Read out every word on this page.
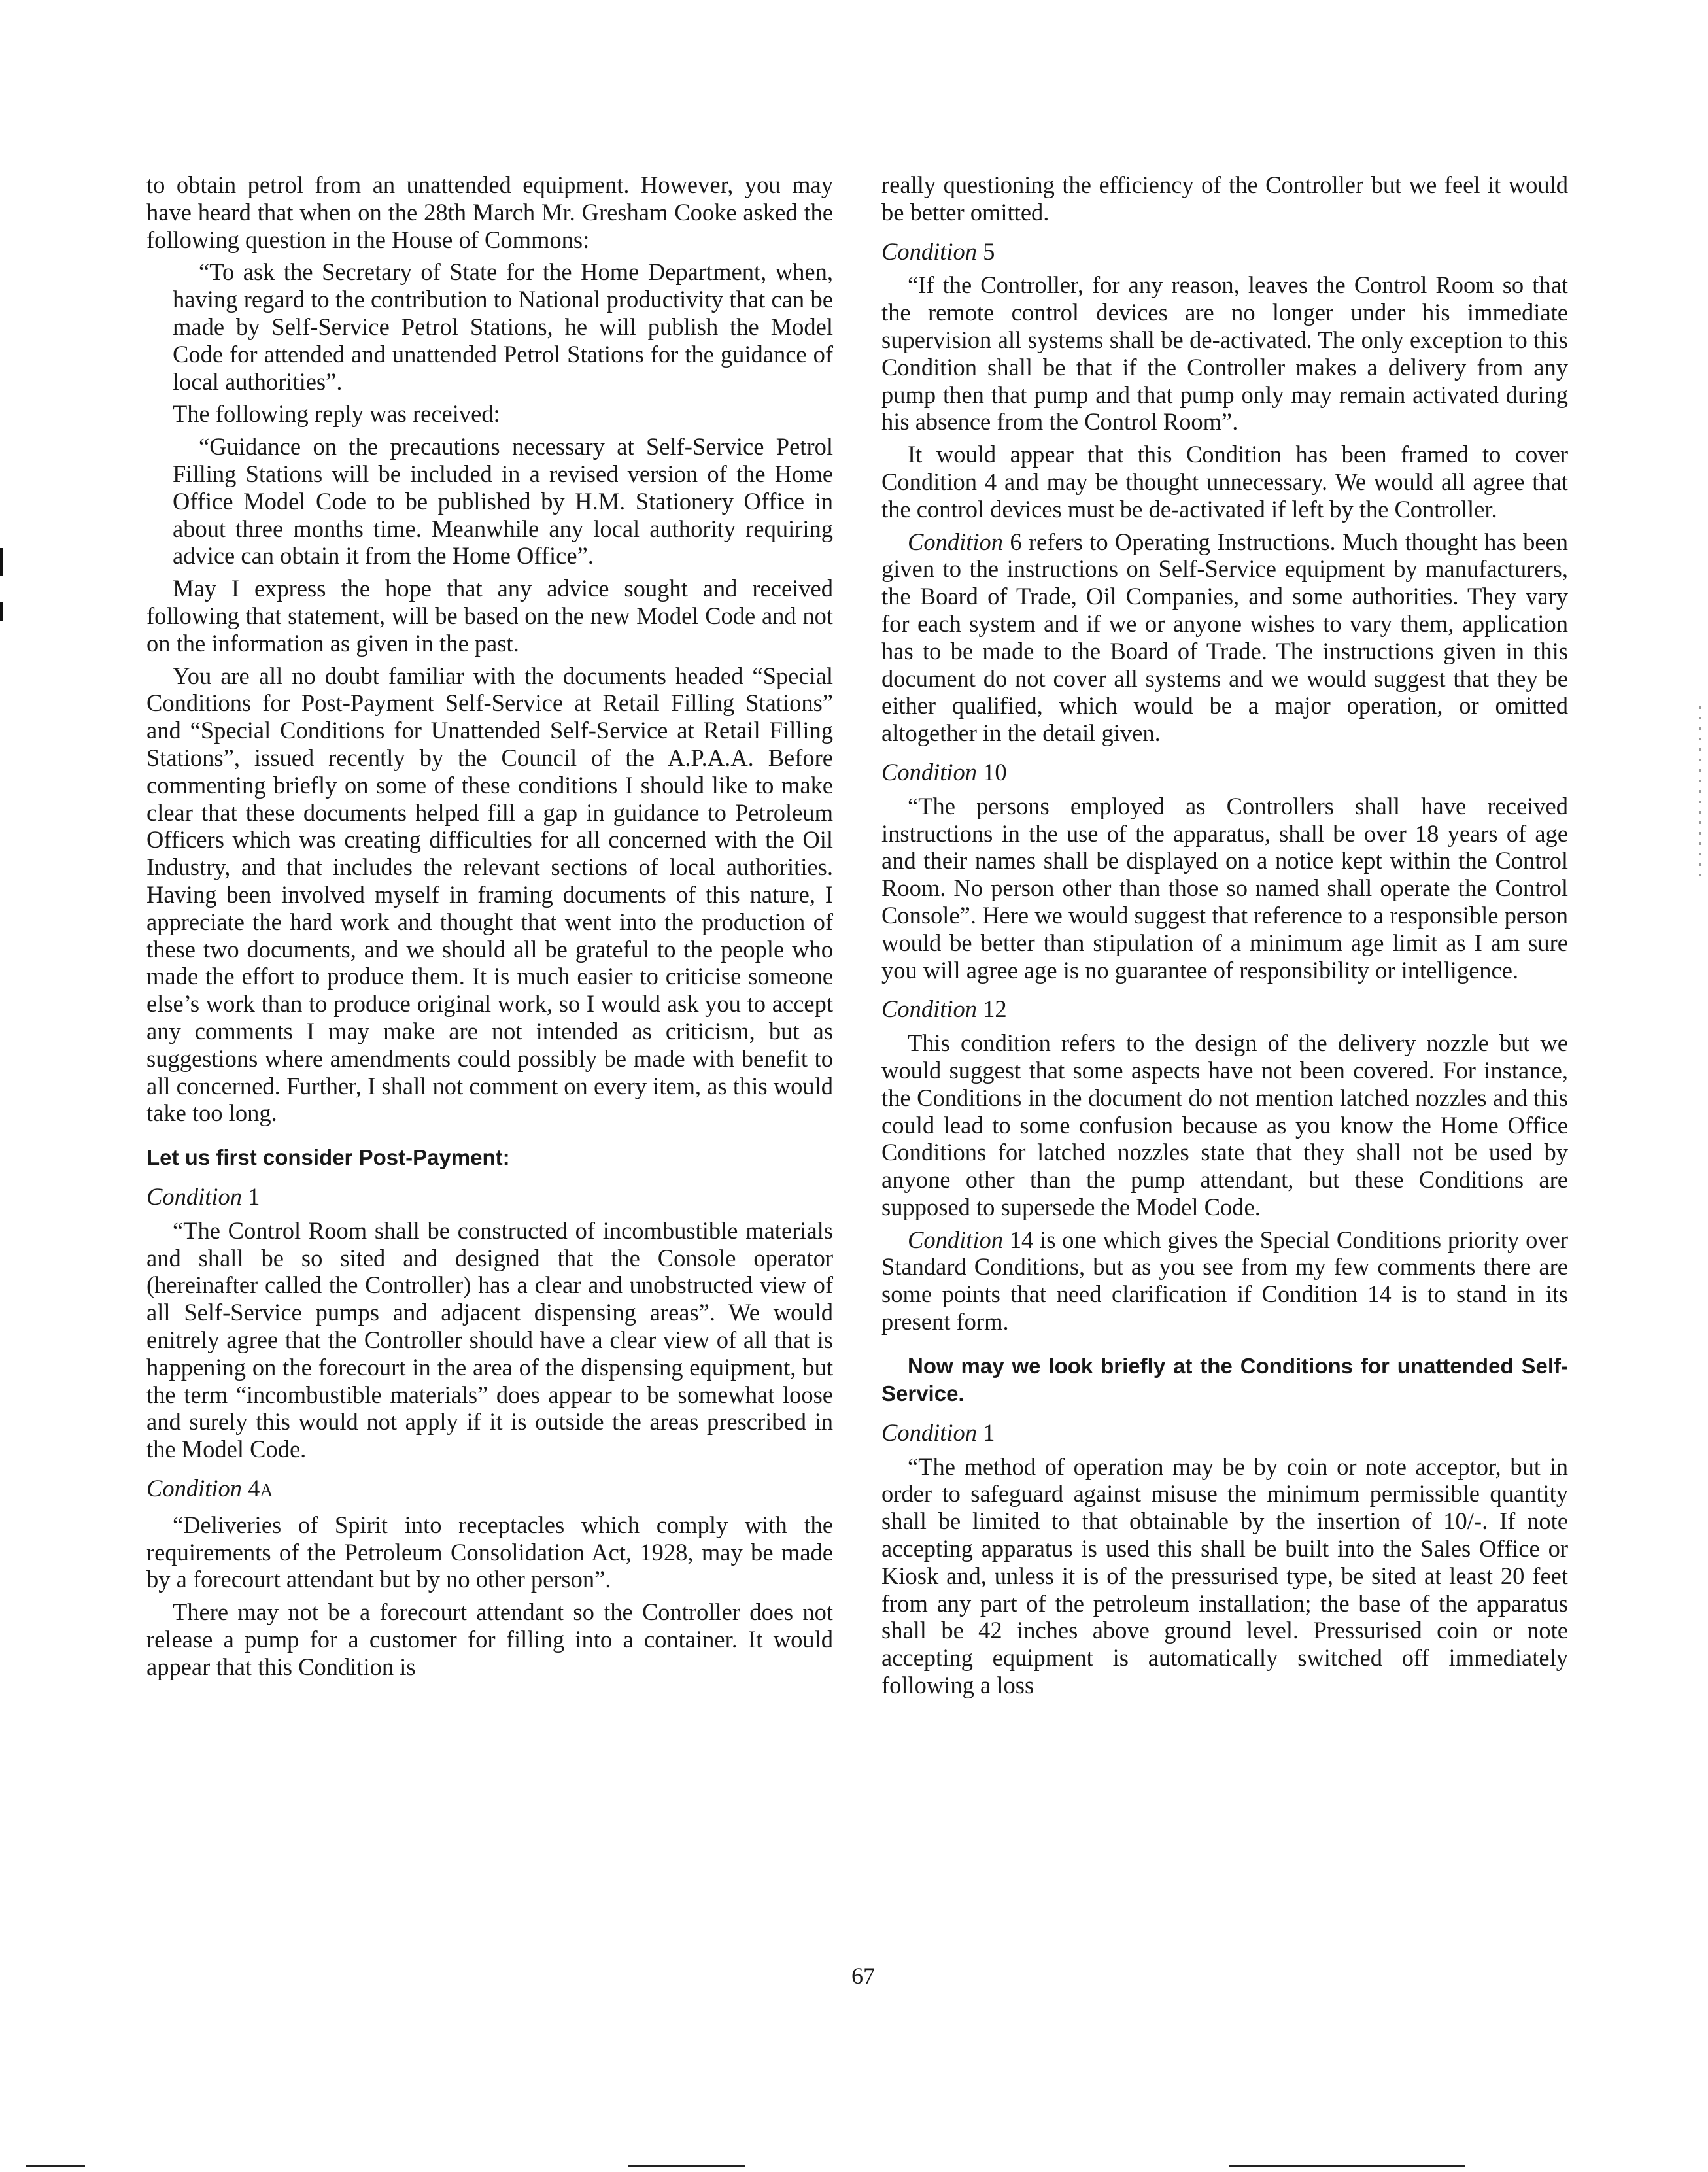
to obtain petrol from an unattended equipment. However, you may have heard that when on the 28th March Mr. Gresham Cooke asked the following question in the House of Commons:

“To ask the Secretary of State for the Home Department, when, having regard to the contribution to National productivity that can be made by Self-Service Petrol Stations, he will publish the Model Code for attended and unattended Petrol Stations for the guidance of local authorities”.

The following reply was received:

“Guidance on the precautions necessary at Self-Service Petrol Filling Stations will be included in a revised version of the Home Office Model Code to be published by H.M. Stationery Office in about three months time. Meanwhile any local authority requiring advice can obtain it from the Home Office”.

May I express the hope that any advice sought and received following that statement, will be based on the new Model Code and not on the information as given in the past.

You are all no doubt familiar with the documents headed “Special Conditions for Post-Payment Self-Service at Retail Filling Stations” and “Special Conditions for Unattended Self-Service at Retail Filling Stations”, issued recently by the Council of the A.P.A.A. Before commenting briefly on some of these conditions I should like to make clear that these documents helped fill a gap in guidance to Petroleum Officers which was creating difficulties for all concerned with the Oil Industry, and that includes the relevant sections of local authorities. Having been involved myself in framing documents of this nature, I appreciate the hard work and thought that went into the production of these two documents, and we should all be grateful to the people who made the effort to produce them. It is much easier to criticise someone else’s work than to produce original work, so I would ask you to accept any comments I may make are not intended as criticism, but as suggestions where amendments could possibly be made with benefit to all concerned. Further, I shall not comment on every item, as this would take too long.

Let us first consider Post-Payment:

Condition 1

“The Control Room shall be constructed of incombustible materials and shall be so sited and designed that the Console operator (hereinafter called the Controller) has a clear and unobstructed view of all Self-Service pumps and adjacent dispensing areas”. We would enitrely agree that the Controller should have a clear view of all that is happening on the forecourt in the area of the dispensing equipment, but the term “incombustible materials” does appear to be somewhat loose and surely this would not apply if it is outside the areas prescribed in the Model Code.

Condition 4A

“Deliveries of Spirit into receptacles which comply with the requirements of the Petroleum Consolidation Act, 1928, may be made by a forecourt attendant but by no other person”.

There may not be a forecourt attendant so the Controller does not release a pump for a customer for filling into a container. It would appear that this Condition is

really questioning the efficiency of the Controller but we feel it would be better omitted.

Condition 5

“If the Controller, for any reason, leaves the Control Room so that the remote control devices are no longer under his immediate supervision all systems shall be de-activated. The only exception to this Condition shall be that if the Controller makes a delivery from any pump then that pump and that pump only may remain activated during his absence from the Control Room”.

It would appear that this Condition has been framed to cover Condition 4 and may be thought unnecessary. We would all agree that the control devices must be de-activated if left by the Controller.

Condition 6 refers to Operating Instructions. Much thought has been given to the instructions on Self-Service equipment by manufacturers, the Board of Trade, Oil Companies, and some authorities. They vary for each system and if we or anyone wishes to vary them, application has to be made to the Board of Trade. The instructions given in this document do not cover all systems and we would suggest that they be either qualified, which would be a major operation, or omitted altogether in the detail given.

Condition 10

“The persons employed as Controllers shall have received instructions in the use of the apparatus, shall be over 18 years of age and their names shall be displayed on a notice kept within the Control Room. No person other than those so named shall operate the Control Console”. Here we would suggest that reference to a responsible person would be better than stipulation of a minimum age limit as I am sure you will agree age is no guarantee of responsibility or intelligence.

Condition 12

This condition refers to the design of the delivery nozzle but we would suggest that some aspects have not been covered. For instance, the Conditions in the document do not mention latched nozzles and this could lead to some confusion because as you know the Home Office Conditions for latched nozzles state that they shall not be used by anyone other than the pump attendant, but these Conditions are supposed to supersede the Model Code.

Condition 14 is one which gives the Special Conditions priority over Standard Conditions, but as you see from my few comments there are some points that need clarification if Condition 14 is to stand in its present form.

Now may we look briefly at the Conditions for unattended Self-Service.

Condition 1

“The method of operation may be by coin or note acceptor, but in order to safeguard against misuse the minimum permissible quantity shall be limited to that obtainable by the insertion of 10/-. If note accepting apparatus is used this shall be built into the Sales Office or Kiosk and, unless it is of the pressurised type, be sited at least 20 feet from any part of the petroleum installation; the base of the apparatus shall be 42 inches above ground level. Pressurised coin or note accepting equipment is automatically switched off immediately following a loss

67
